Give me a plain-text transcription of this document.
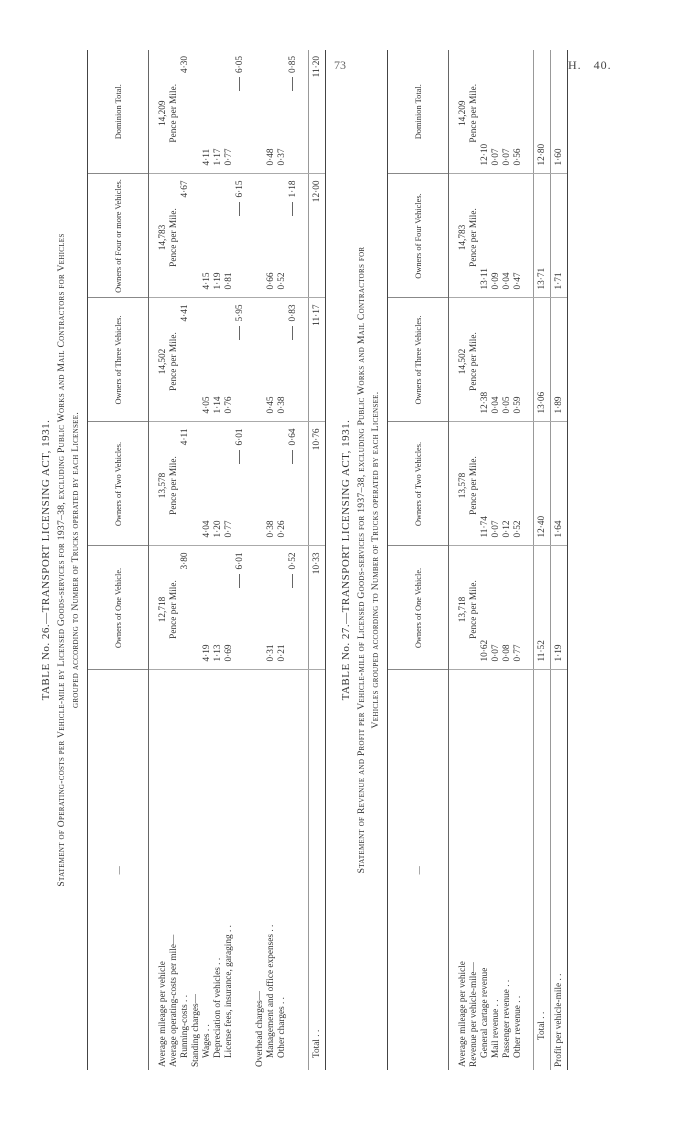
73	H. 40.
TABLE No. 26.—TRANSPORT LICENSING ACT, 1931. Statement of Operating-costs per Vehicle-mile by Licensed Goods-services for 1937–38, excluding Public Works and Mail Contractors for Vehicles grouped according to Number of Trucks operated by each Licensee.
—	Owners of One Vehicle.	Owners of Two Vehicles.	Owners of Three Vehicles.	Owners of Four or more Vehicles.	Dominion Total.

Average mileage per vehicle	12,718	13,578	14,502	14,783	14,209
Average operating-costs per mile—	Pence per Mile.	Pence per Mile.	Pence per Mile.	Pence per Mile.	Pence per Mile.
Running-costs . .	3·80	4·11	4·41	4·67	4·30
Standing charges—					
Wages . .	4·19	4·04	4·05	4·15	4·11
Depreciation of vehicles . .	1·13	1·20	1·14	1·19	1·17
License fees, insurance, garaging . .	0·69	0·77	0·76	0·81	0·77
	6·01	6·01	5·95	6·15	6·05

Overhead charges—					
Management and office expenses . .	0·31	0·38	0·45	0·66	0·48
Other charges . .	0·21	0·26	0·38	0·52	0·37
	0·52	0·64	0·83	1·18	0·85

Total . .	10·33	10·76	11·17	12·00	11·20
TABLE No. 27.—TRANSPORT LICENSING ACT, 1931. Statement of Revenue and Profit per Vehicle-mile of Licensed Goods-services for 1937–38, excluding Public Works and Mail Contractors for Vehicles grouped according to Number of Trucks operated by each Licensee.
—	Owners of One Vehicle.	Owners of Two Vehicles.	Owners of Three Vehicles.	Owners of Four Vehicles.	Dominion Total.

Average mileage per vehicle	13,718	13,578	14,502	14,783	14,209
Revenue per vehicle-mile—	Pence per Mile.	Pence per Mile.	Pence per Mile.	Pence per Mile.	Pence per Mile.
General cartage revenue	10·62	11·74	12·38	13·11	12·10
Mail revenue . .	0·07	0·07	0·04	0·09	0·07
Passenger revenue . .	0·08	0·12	0·05	0·04	0·07
Other revenue . .	0·77	0·52	0·59	0·47	0·56

Total . .	11·52	12·40	13·06	13·71	12·80
Profit per vehicle-mile . .	1·19	1·64	1·89	1·71	1·60
